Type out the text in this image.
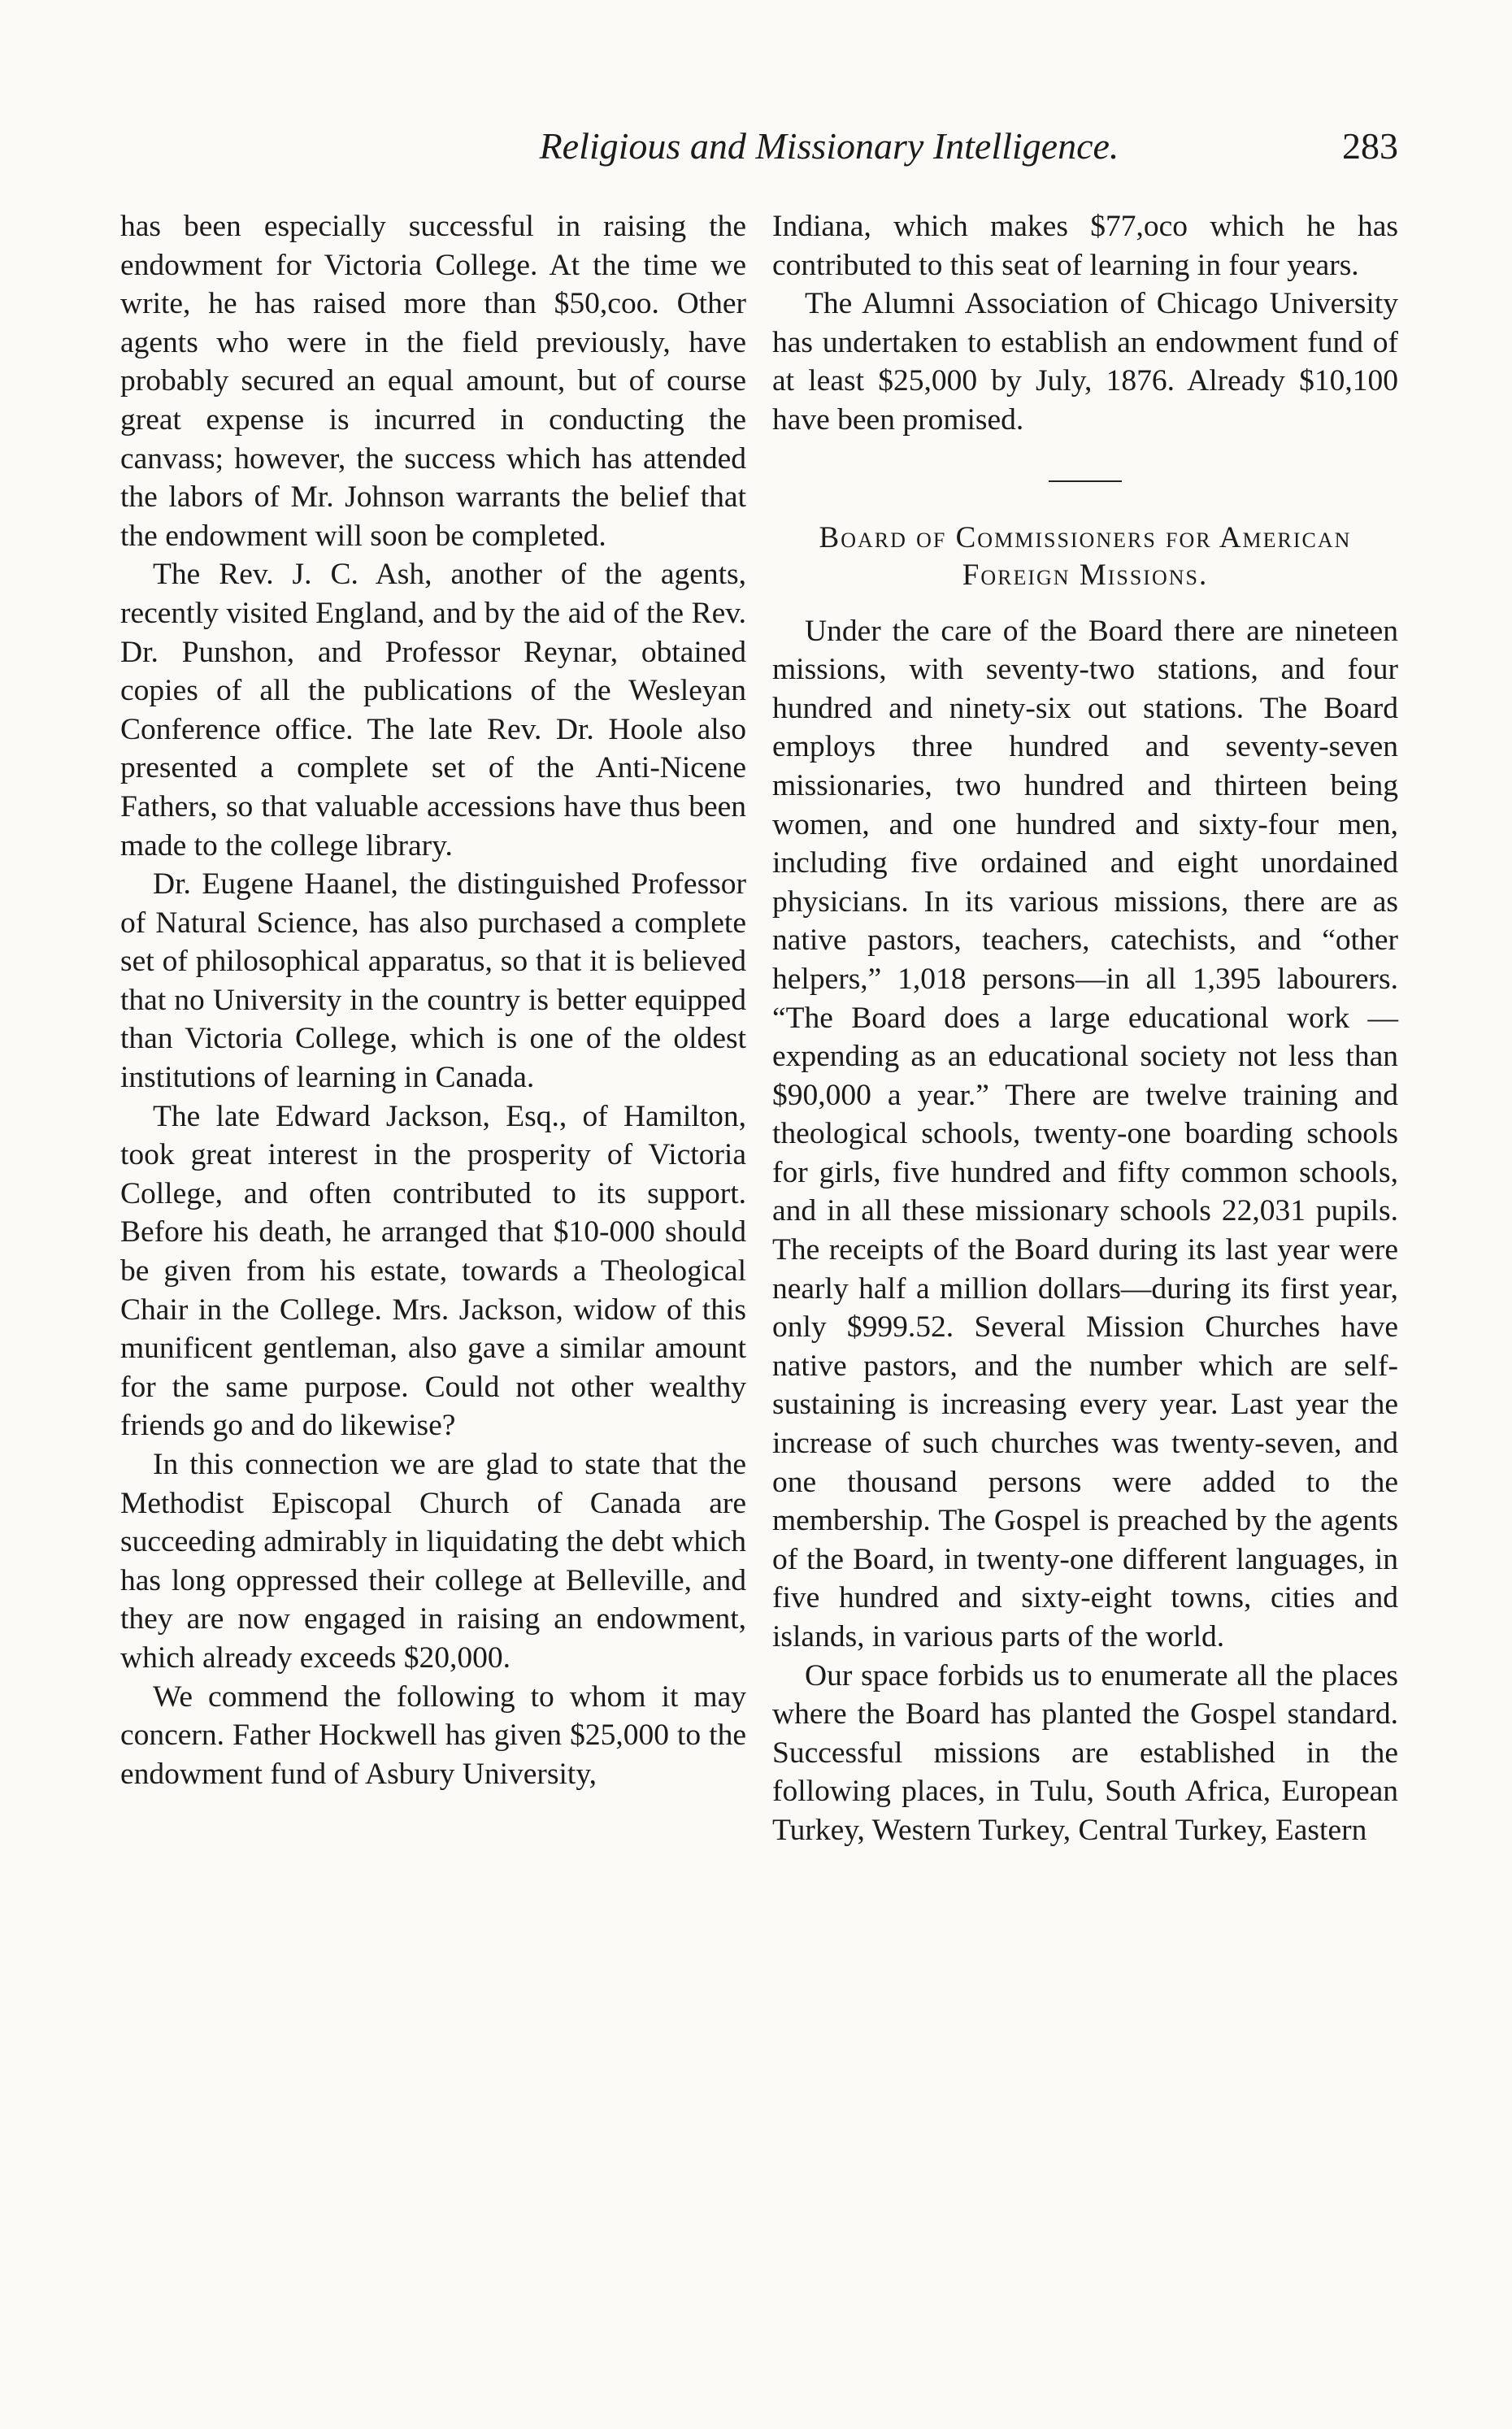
Religious and Missionary Intelligence.	283

has been especially successful in raising the endowment for Victoria College. At the time we write, he has raised more than $50,coo. Other agents who were in the field previously, have probably secured an equal amount, but of course great expense is incurred in conducting the canvass; however, the success which has attended the labors of Mr. Johnson warrants the belief that the endowment will soon be completed.

The Rev. J. C. Ash, another of the agents, recently visited England, and by the aid of the Rev. Dr. Punshon, and Professor Reynar, obtained copies of all the publications of the Wesleyan Conference office. The late Rev. Dr. Hoole also presented a complete set of the Anti-Nicene Fathers, so that valuable accessions have thus been made to the college library.

Dr. Eugene Haanel, the distinguished Professor of Natural Science, has also purchased a complete set of philosophical apparatus, so that it is believed that no University in the country is better equipped than Victoria College, which is one of the oldest institutions of learning in Canada.

The late Edward Jackson, Esq., of Hamilton, took great interest in the prosperity of Victoria College, and often contributed to its support. Before his death, he arranged that $10-000 should be given from his estate, towards a Theological Chair in the College. Mrs. Jackson, widow of this munificent gentleman, also gave a similar amount for the same purpose. Could not other wealthy friends go and do likewise?

In this connection we are glad to state that the Methodist Episcopal Church of Canada are succeeding admirably in liquidating the debt which has long oppressed their college at Belleville, and they are now engaged in raising an endowment, which already exceeds $20,000.

We commend the following to whom it may concern. Father Hockwell has given $25,000 to the endowment fund of Asbury University,

Indiana, which makes $77,oco which he has contributed to this seat of learning in four years.

The Alumni Association of Chicago University has undertaken to establish an endowment fund of at least $25,000 by July, 1876. Already $10,100 have been promised.

Board of Commissioners for American Foreign Missions.

Under the care of the Board there are nineteen missions, with seventy-two stations, and four hundred and ninety-six out stations. The Board employs three hundred and seventy-seven missionaries, two hundred and thirteen being women, and one hundred and sixty-four men, including five ordained and eight unordained physicians. In its various missions, there are as native pastors, teachers, catechists, and “other helpers,” 1,018 persons—in all 1,395 labourers. “The Board does a large educational work —expending as an educational society not less than $90,000 a year.” There are twelve training and theological schools, twenty-one boarding schools for girls, five hundred and fifty common schools, and in all these missionary schools 22,031 pupils. The receipts of the Board during its last year were nearly half a million dollars—during its first year, only $999.52. Several Mission Churches have native pastors, and the number which are self-sustaining is increasing every year. Last year the increase of such churches was twenty-seven, and one thousand persons were added to the membership. The Gospel is preached by the agents of the Board, in twenty-one different languages, in five hundred and sixty-eight towns, cities and islands, in various parts of the world.

Our space forbids us to enumerate all the places where the Board has planted the Gospel standard. Successful missions are established in the following places, in Tulu, South Africa, European Turkey, Western Turkey, Central Turkey, Eastern
